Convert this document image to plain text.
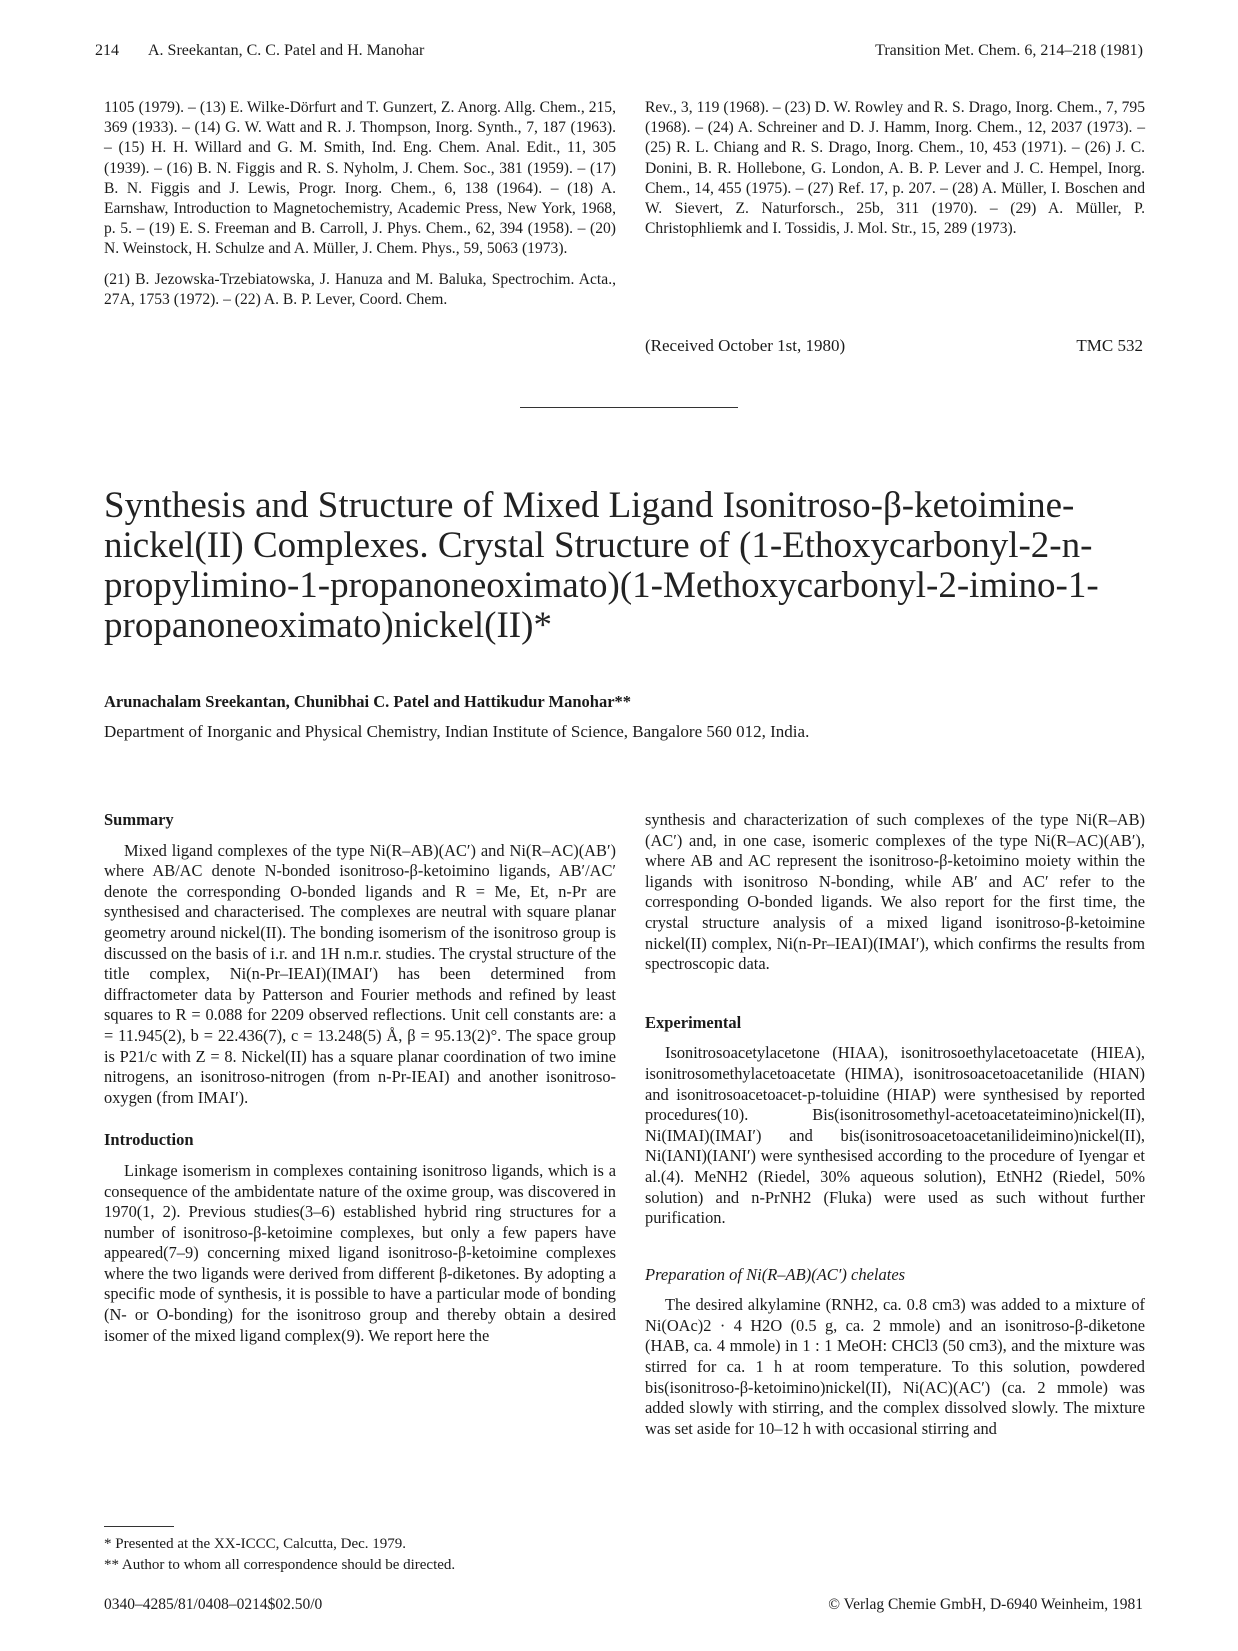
214 A. Sreekantan, C. C. Patel and H. Manohar	Transition Met. Chem. 6, 214–218 (1981)

1105 (1979). – (13) E. Wilke-Dörfurt and T. Gunzert, Z. Anorg. Allg. Chem., 215, 369 (1933). – (14) G. W. Watt and R. J. Thompson, Inorg. Synth., 7, 187 (1963). – (15) H. H. Willard and G. M. Smith, Ind. Eng. Chem. Anal. Edit., 11, 305 (1939). – (16) B. N. Figgis and R. S. Nyholm, J. Chem. Soc., 381 (1959). – (17) B. N. Figgis and J. Lewis, Progr. Inorg. Chem., 6, 138 (1964). – (18) A. Earnshaw, Introduction to Magnetochemistry, Academic Press, New York, 1968, p. 5. – (19) E. S. Freeman and B. Carroll, J. Phys. Chem., 62, 394 (1958). – (20) N. Weinstock, H. Schulze and A. Müller, J. Chem. Phys., 59, 5063 (1973).

(21) B. Jezowska-Trzebiatowska, J. Hanuza and M. Baluka, Spectrochim. Acta., 27A, 1753 (1972). – (22) A. B. P. Lever, Coord. Chem.

Rev., 3, 119 (1968). – (23) D. W. Rowley and R. S. Drago, Inorg. Chem., 7, 795 (1968). – (24) A. Schreiner and D. J. Hamm, Inorg. Chem., 12, 2037 (1973). – (25) R. L. Chiang and R. S. Drago, Inorg. Chem., 10, 453 (1971). – (26) J. C. Donini, B. R. Hollebone, G. London, A. B. P. Lever and J. C. Hempel, Inorg. Chem., 14, 455 (1975). – (27) Ref. 17, p. 207. – (28) A. Müller, I. Boschen and W. Sievert, Z. Naturforsch., 25b, 311 (1970). – (29) A. Müller, P. Christophliemk and I. Tossidis, J. Mol. Str., 15, 289 (1973).

(Received October 1st, 1980)	TMC 532
Synthesis and Structure of Mixed Ligand Isonitroso-β-ketoimine-nickel(II) Complexes. Crystal Structure of (1-Ethoxycarbonyl-2-n-propylimino-1-propanoneoximato)(1-Methoxycarbonyl-2-imino-1-propanoneoximato)nickel(II)*
Arunachalam Sreekantan, Chunibhai C. Patel and Hattikudur Manohar**
Department of Inorganic and Physical Chemistry, Indian Institute of Science, Bangalore 560 012, India.
Summary

Mixed ligand complexes of the type Ni(R–AB)(AC′) and Ni(R–AC)(AB′) where AB/AC denote N-bonded isonitroso-β-ketoimino ligands, AB′/AC′ denote the corresponding O-bonded ligands and R = Me, Et, n-Pr are synthesised and characterised. The complexes are neutral with square planar geometry around nickel(II). The bonding isomerism of the isonitroso group is discussed on the basis of i.r. and 1H n.m.r. studies. The crystal structure of the title complex, Ni(n-Pr–IEAI)(IMAI′) has been determined from diffractometer data by Patterson and Fourier methods and refined by least squares to R = 0.088 for 2209 observed reflections. Unit cell constants are: a = 11.945(2), b = 22.436(7), c = 13.248(5) Å, β = 95.13(2)°. The space group is P21/c with Z = 8. Nickel(II) has a square planar coordination of two imine nitrogens, an isonitroso-nitrogen (from n-Pr-IEAI) and another isonitroso-oxygen (from IMAI′).

Introduction

Linkage isomerism in complexes containing isonitroso ligands, which is a consequence of the ambidentate nature of the oxime group, was discovered in 1970(1, 2). Previous studies(3–6) established hybrid ring structures for a number of isonitroso-β-ketoimine complexes, but only a few papers have appeared(7–9) concerning mixed ligand isonitroso-β-ketoimine complexes where the two ligands were derived from different β-diketones. By adopting a specific mode of synthesis, it is possible to have a particular mode of bonding (N- or O-bonding) for the isonitroso group and thereby obtain a desired isomer of the mixed ligand complex(9). We report here the

synthesis and characterization of such complexes of the type Ni(R–AB)(AC′) and, in one case, isomeric complexes of the type Ni(R–AC)(AB′), where AB and AC represent the isonitroso-β-ketoimino moiety within the ligands with isonitroso N-bonding, while AB′ and AC′ refer to the corresponding O-bonded ligands. We also report for the first time, the crystal structure analysis of a mixed ligand isonitroso-β-ketoimine nickel(II) complex, Ni(n-Pr–IEAI)(IMAI′), which confirms the results from spectroscopic data.

Experimental

Isonitrosoacetylacetone (HIAA), isonitrosoethylacetoacetate (HIEA), isonitrosomethylacetoacetate (HIMA), isonitrosoacetoacetanilide (HIAN) and isonitrosoacetoacet-p-toluidine (HIAP) were synthesised by reported procedures(10). Bis(isonitrosomethyl-acetoacetateimino)nickel(II), Ni(IMAI)(IMAI′) and bis(isonitrosoacetoacetanilideimino)nickel(II), Ni(IANI)(IANI′) were synthesised according to the procedure of Iyengar et al.(4). MeNH2 (Riedel, 30% aqueous solution), EtNH2 (Riedel, 50% solution) and n-PrNH2 (Fluka) were used as such without further purification.

Preparation of Ni(R–AB)(AC′) chelates

The desired alkylamine (RNH2, ca. 0.8 cm3) was added to a mixture of Ni(OAc)2 · 4 H2O (0.5 g, ca. 2 mmole) and an isonitroso-β-diketone (HAB, ca. 4 mmole) in 1 : 1 MeOH: CHCl3 (50 cm3), and the mixture was stirred for ca. 1 h at room temperature. To this solution, powdered bis(isonitroso-β-ketoimino)nickel(II), Ni(AC)(AC′) (ca. 2 mmole) was added slowly with stirring, and the complex dissolved slowly. The mixture was set aside for 10–12 h with occasional stirring and

* Presented at the XX-ICCC, Calcutta, Dec. 1979.
** Author to whom all correspondence should be directed.
0340–4285/81/0408–0214$02.50/0	© Verlag Chemie GmbH, D-6940 Weinheim, 1981
